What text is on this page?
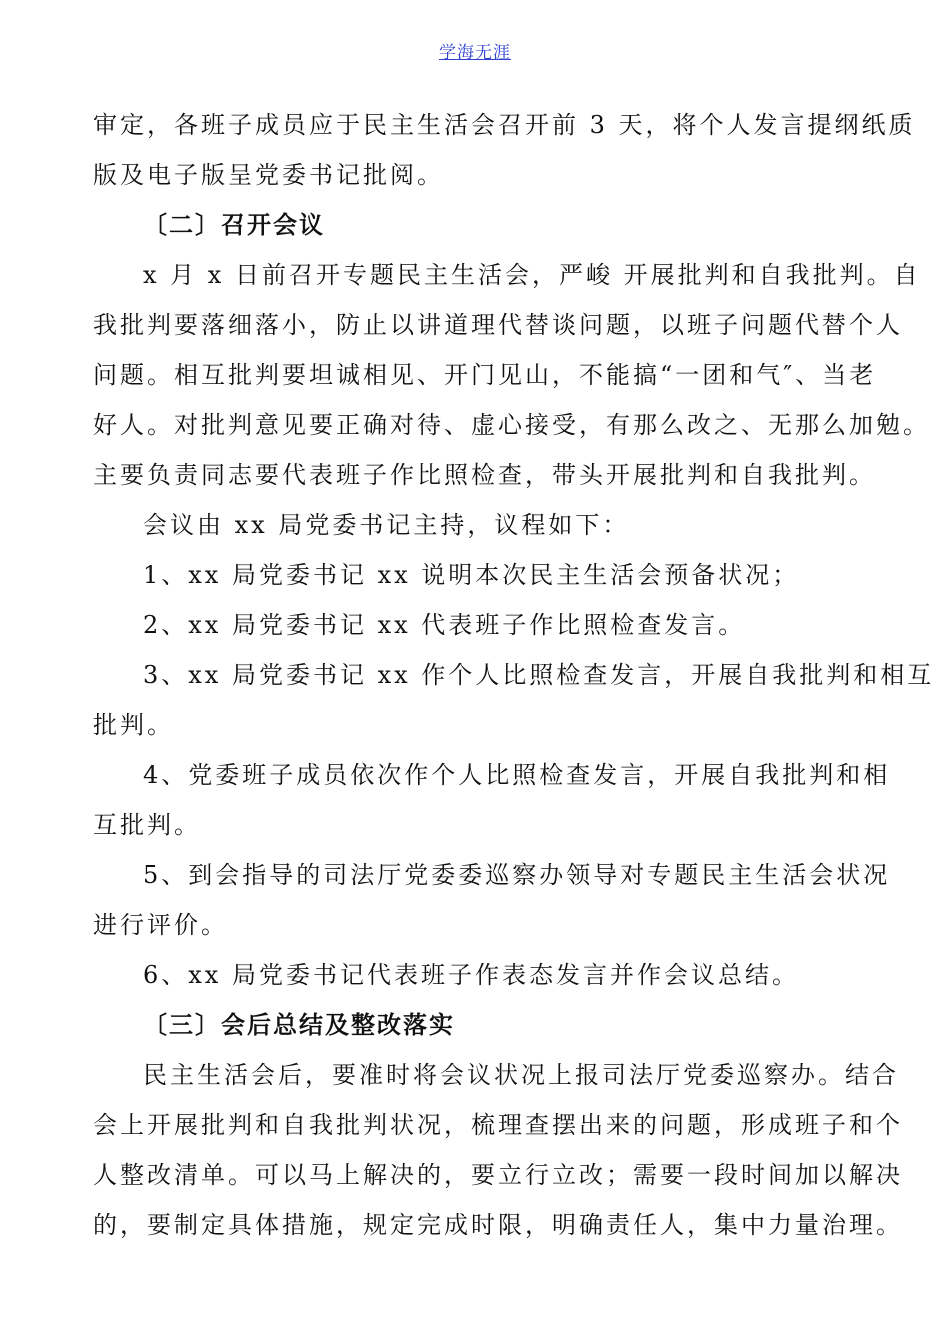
学海无涯
审定，各班子成员应于民主生活会召开前 3 天，将个人发言提纲纸质
版及电子版呈党委书记批阅。
〔二〕召开会议
x 月 x 日前召开专题民主生活会，严峻 开展批判和自我批判。自
我批判要落细落小，防止以讲道理代替谈问题，以班子问题代替个人
问题。相互批判要坦诚相见、开门见山，不能搞“一团和气″、当老
好人。对批判意见要正确对待、虚心接受，有那么改之、无那么加勉。
主要负责同志要代表班子作比照检查，带头开展批判和自我批判。
会议由 xx 局党委书记主持，议程如下：
1、xx 局党委书记 xx 说明本次民主生活会预备状况；
2、xx 局党委书记 xx 代表班子作比照检查发言。
3、xx 局党委书记 xx 作个人比照检查发言，开展自我批判和相互
批判。
4、党委班子成员依次作个人比照检查发言，开展自我批判和相
互批判。
5、到会指导的司法厅党委委巡察办领导对专题民主生活会状况
进行评价。
6、xx 局党委书记代表班子作表态发言并作会议总结。
〔三〕会后总结及整改落实
民主生活会后，要准时将会议状况上报司法厅党委巡察办。结合
会上开展批判和自我批判状况，梳理查摆出来的问题，形成班子和个
人整改清单。可以马上解决的，要立行立改；需要一段时间加以解决
的，要制定具体措施，规定完成时限，明确责任人，集中力量治理。
